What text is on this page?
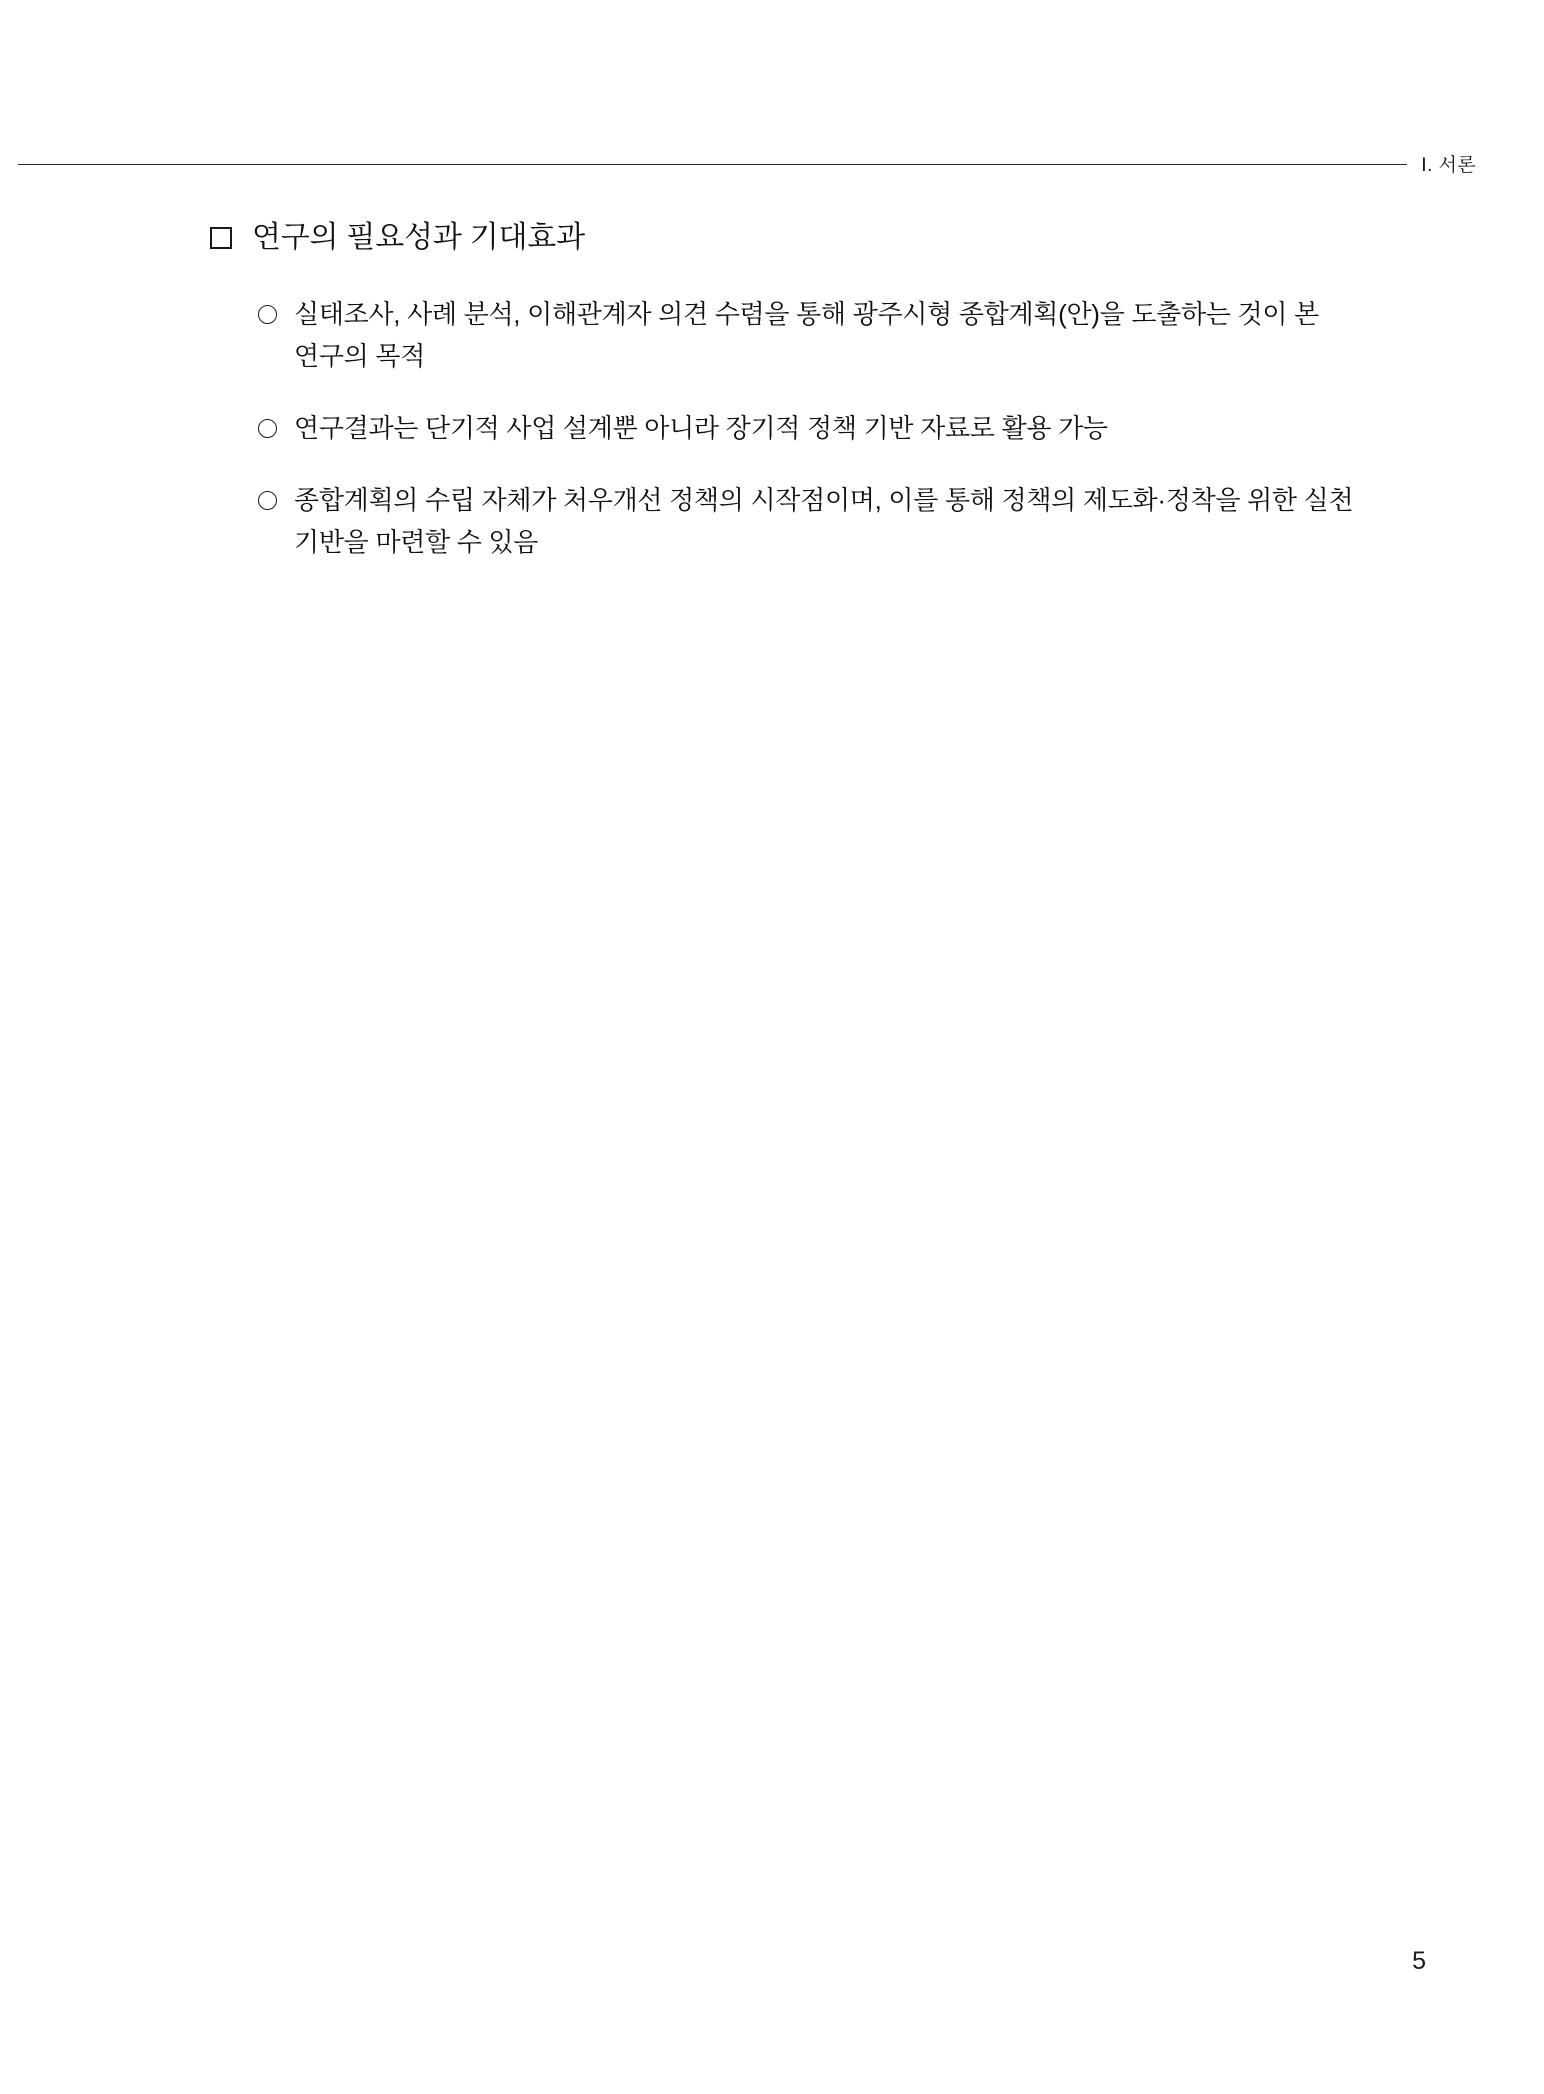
Ⅰ. 서론
연구의 필요성과 기대효과
실태조사, 사례 분석, 이해관계자 의견 수렴을 통해 광주시형 종합계획(안)을 도출하는 것이 본 연구의 목적
연구결과는 단기적 사업 설계뿐 아니라 장기적 정책 기반 자료로 활용 가능
종합계획의 수립 자체가 처우개선 정책의 시작점이며, 이를 통해 정책의 제도화·정착을 위한 실천 기반을 마련할 수 있음
5
